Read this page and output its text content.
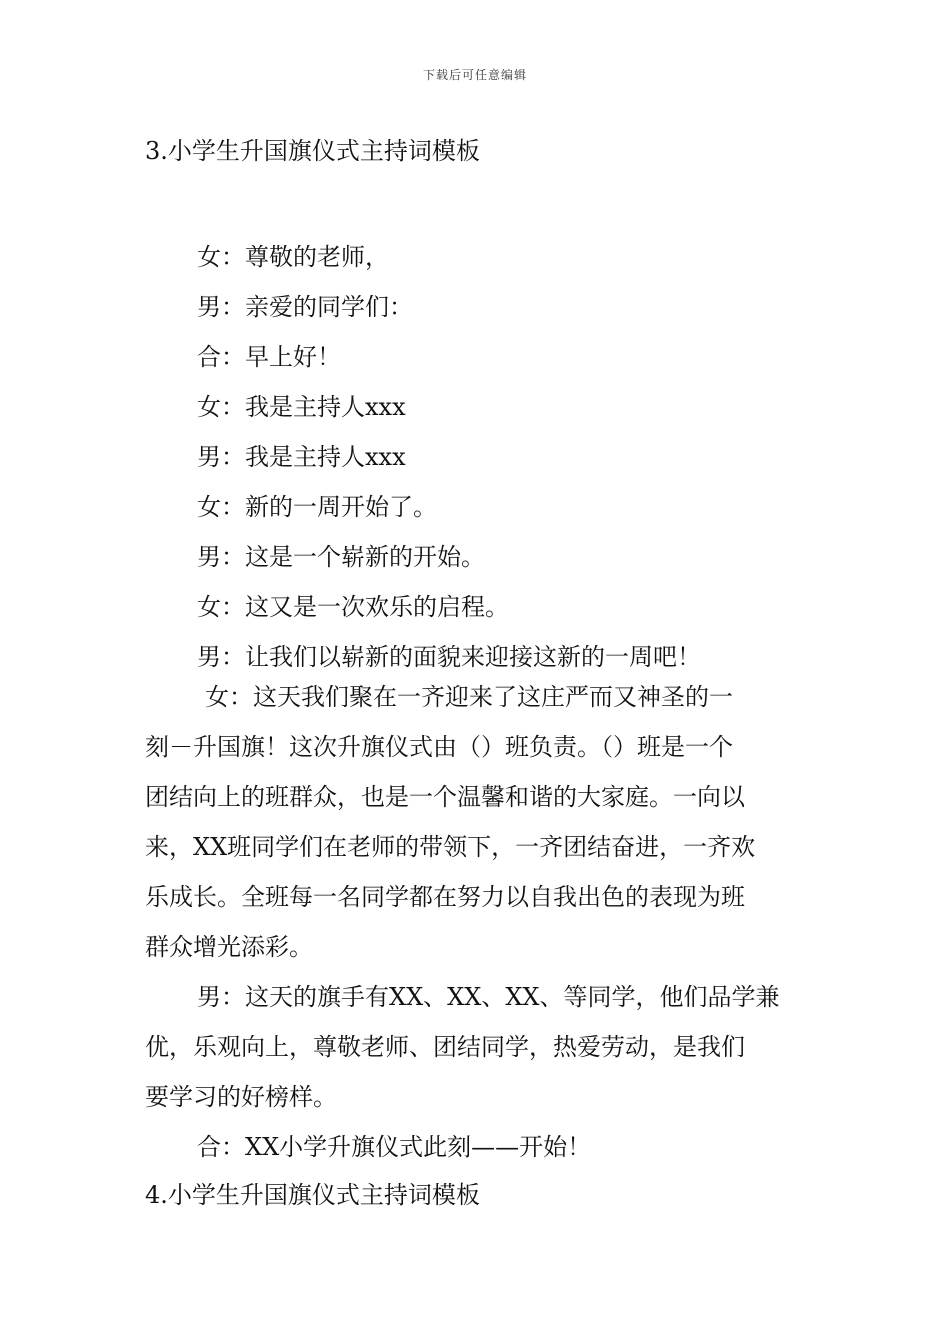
下载后可任意编辑
3.小学生升国旗仪式主持词模板
女：尊敬的老师，
男：亲爱的同学们：
合：早上好！
女：我是主持人xxx
男：我是主持人xxx
女：新的一周开始了。
男：这是一个崭新的开始。
女：这又是一次欢乐的启程。
男：让我们以崭新的面貌来迎接这新的一周吧！
女：这天我们聚在一齐迎来了这庄严而又神圣的一
刻－升国旗！这次升旗仪式由（）班负责。（）班是一个
团结向上的班群众，也是一个温馨和谐的大家庭。一向以
来，XX班同学们在老师的带领下，一齐团结奋进，一齐欢
乐成长。全班每一名同学都在努力以自我出色的表现为班
群众增光添彩。
男：这天的旗手有XX、XX、XX、等同学，他们品学兼
优，乐观向上，尊敬老师、团结同学，热爱劳动，是我们
要学习的好榜样。
合：XX小学升旗仪式此刻——开始！
4.小学生升国旗仪式主持词模板
